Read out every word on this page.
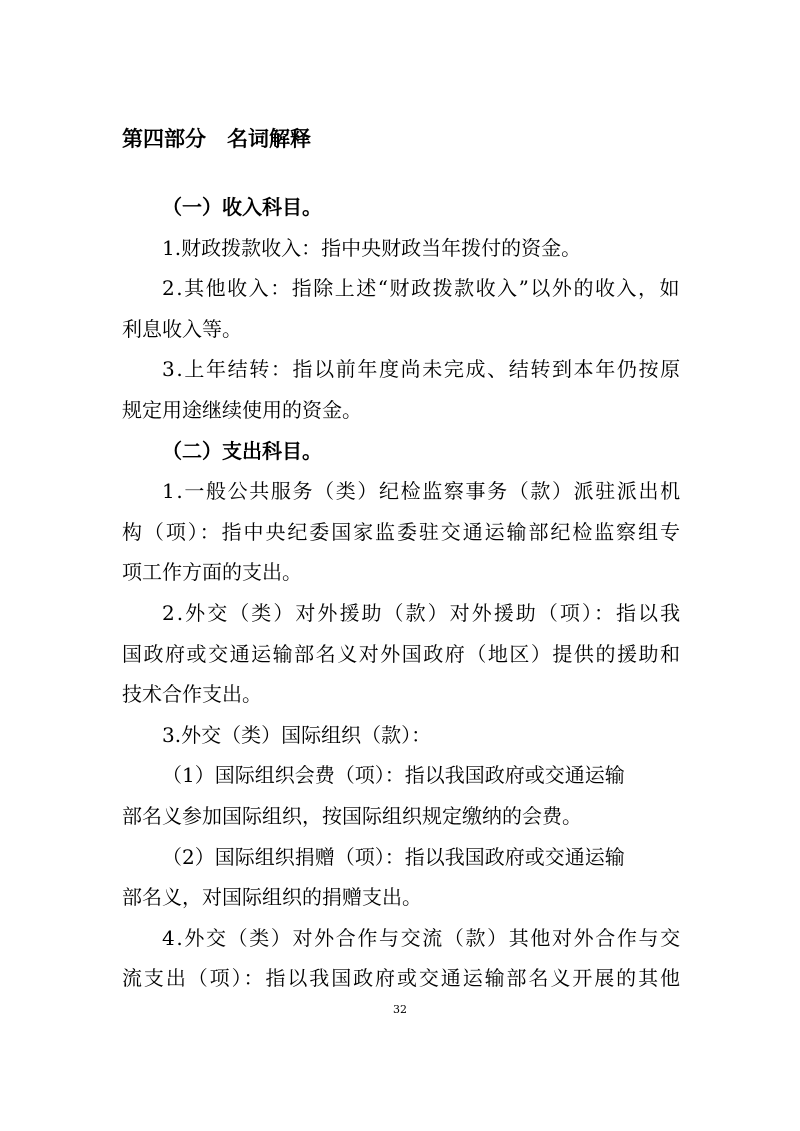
第四部分　名词解释
（一）收入科目。
1.财政拨款收入：指中央财政当年拨付的资金。
2.其他收入：指除上述“财政拨款收入”以外的收入，如
利息收入等。
3.上年结转：指以前年度尚未完成、结转到本年仍按原
规定用途继续使用的资金。
（二）支出科目。
1.一般公共服务（类）纪检监察事务（款）派驻派出机
构（项）：指中央纪委国家监委驻交通运输部纪检监察组专
项工作方面的支出。
2.外交（类）对外援助（款）对外援助（项）：指以我
国政府或交通运输部名义对外国政府（地区）提供的援助和
技术合作支出。
3.外交（类）国际组织（款）：
（1）国际组织会费（项）：指以我国政府或交通运输
部名义参加国际组织，按国际组织规定缴纳的会费。
（2）国际组织捐赠（项）：指以我国政府或交通运输
部名义，对国际组织的捐赠支出。
4.外交（类）对外合作与交流（款）其他对外合作与交
流支出（项）：指以我国政府或交通运输部名义开展的其他
32
